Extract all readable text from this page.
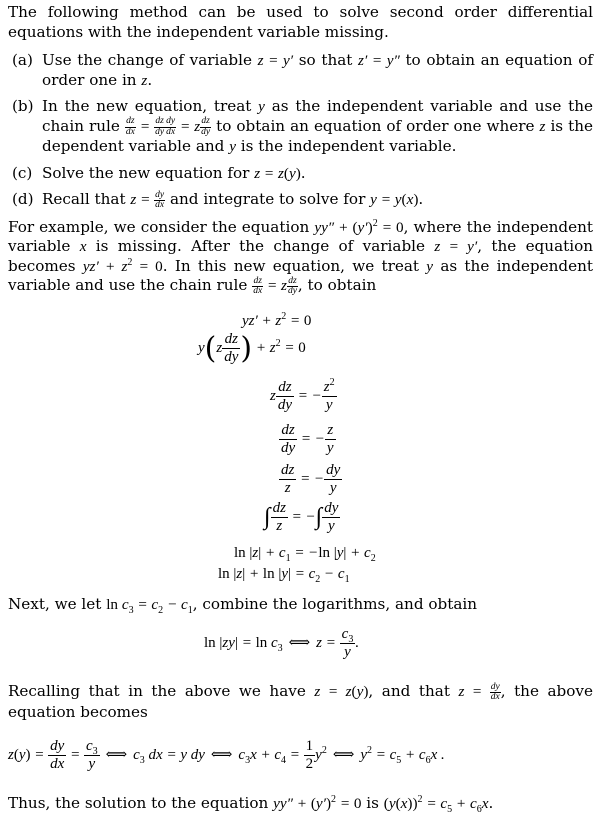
The following method can be used to solve second order differential equations with the independent variable missing.

(a) Use the change of variable z = y′ so that z′ = y″ to obtain an equation of order one in z.
(b) In the new equation, treat y as the independent variable and use the chain rule $\frac{dz}{dx} = \frac{dz}{dy} \frac{dy}{dx} = z \frac{dz}{dy}$ to obtain an equation of order one where z is the dependent variable and y is the independent variable.
(c) Solve the new equation for z = z(y).
(d) Recall that $z = \frac{dy}{dx}$ and integrate to solve for y = y(x).

For example, we consider the equation $yy'' + (y')^2 = 0$, where the independent variable x is missing. After the change of variable z = y′, the equation becomes $yz' + z^2 = 0$. In this new equation, we treat y as the independent variable and use the chain rule $\frac{dz}{dx} = z \frac{dz}{dy}$ , to obtain

$yz' + z^2 = 0$
$y(z \frac{dz}{dy}$ ) + $z^2 = 0$
z $\frac{dz}{dy}$ = − $\frac{z^2}{y}$
$\frac{dz}{dy}$ = − $\frac{z}{y}$
$\frac{dz}{z}$ = − $\frac{dy}{y}$
∫ $\frac{dz}{z}$ = −∫ $\frac{dy}{y}$
$\ln |z| + c_1 = -\ln$ $|y| + c_2$
$\ln |z| + \ln |y| = c_2 - c_1$

Next, we let $\ln c_3 = c_2 - c_1$, combine the logarithms, and obtain

$\ln |zy| = \ln c_3$ ⟺ $z = \frac{c_3}{y}$ .

Recalling that in the above we have z = z(y), and that $z = \frac{dy}{dx}$ , the above equation becomes

$z(y) = \frac{dy}{dx} = \frac{c_3}{y}$ ⟺ $c_3$ dx = y dy ⟺ $c_3x + c_4 = \frac{1}{2} y^2$ ⟺ $y^2 = c_5 + c_6x$ .

Thus, the solution to the equation $yy'' + (y')^2 = 0$ is $(y(x))^2 = c_5 + c_6x$.
